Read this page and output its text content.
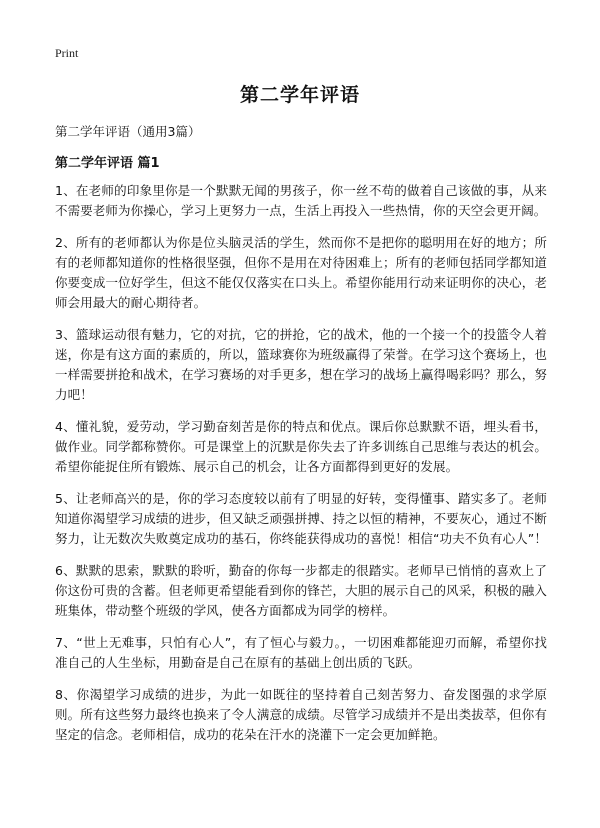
Print
第二学年评语

第二学年评语（通用3篇）

第二学年评语 篇1

1、在老师的印象里你是一个默默无闻的男孩子，你一丝不苟的做着自己该做的事，从来不需要老师为你操心，学习上更努力一点，生活上再投入一些热情，你的天空会更开阔。

2、所有的老师都认为你是位头脑灵活的学生，然而你不是把你的聪明用在好的地方；所有的老师都知道你的性格很坚强，但你不是用在对待困难上；所有的老师包括同学都知道你要变成一位好学生，但这不能仅仅落实在口头上。希望你能用行动来证明你的决心，老师会用最大的耐心期待者。

3、篮球运动很有魅力，它的对抗，它的拼抢，它的战术，他的一个接一个的投篮令人着迷，你是有这方面的素质的，所以，篮球赛你为班级赢得了荣誉。在学习这个赛场上，也一样需要拼抢和战术，在学习赛场的对手更多，想在学习的战场上赢得喝彩吗？那么，努力吧！

4、懂礼貌，爱劳动，学习勤奋刻苦是你的特点和优点。课后你总默默不语，埋头看书，做作业。同学都称赞你。可是课堂上的沉默是你失去了许多训练自己思维与表达的机会。希望你能捉住所有锻炼、展示自己的机会，让各方面都得到更好的发展。

5、让老师高兴的是，你的学习态度较以前有了明显的好转，变得懂事、踏实多了。老师知道你渴望学习成绩的进步，但又缺乏顽强拼搏、持之以恒的精神，不要灰心，通过不断努力，让无数次失败奠定成功的基石，你终能获得成功的喜悦！相信“功夫不负有心人”！

6、默默的思索，默默的聆听，勤奋的你每一步都走的很踏实。老师早已悄悄的喜欢上了你这份可贵的含蓄。但老师更希望能看到你的锋芒，大胆的展示自己的风采，积极的融入班集体，带动整个班级的学风，使各方面都成为同学的榜样。

7、“世上无难事，只怕有心人”，有了恒心与毅力。，一切困难都能迎刃而解，希望你找准自己的人生坐标，用勤奋是自己在原有的基础上创出质的飞跃。

8、你渴望学习成绩的进步，为此一如既往的坚持着自己刻苦努力、奋发图强的求学原则。所有这些努力最终也换来了令人满意的成绩。尽管学习成绩并不是出类拔萃，但你有坚定的信念。老师相信，成功的花朵在汗水的浇灌下一定会更加鲜艳。
